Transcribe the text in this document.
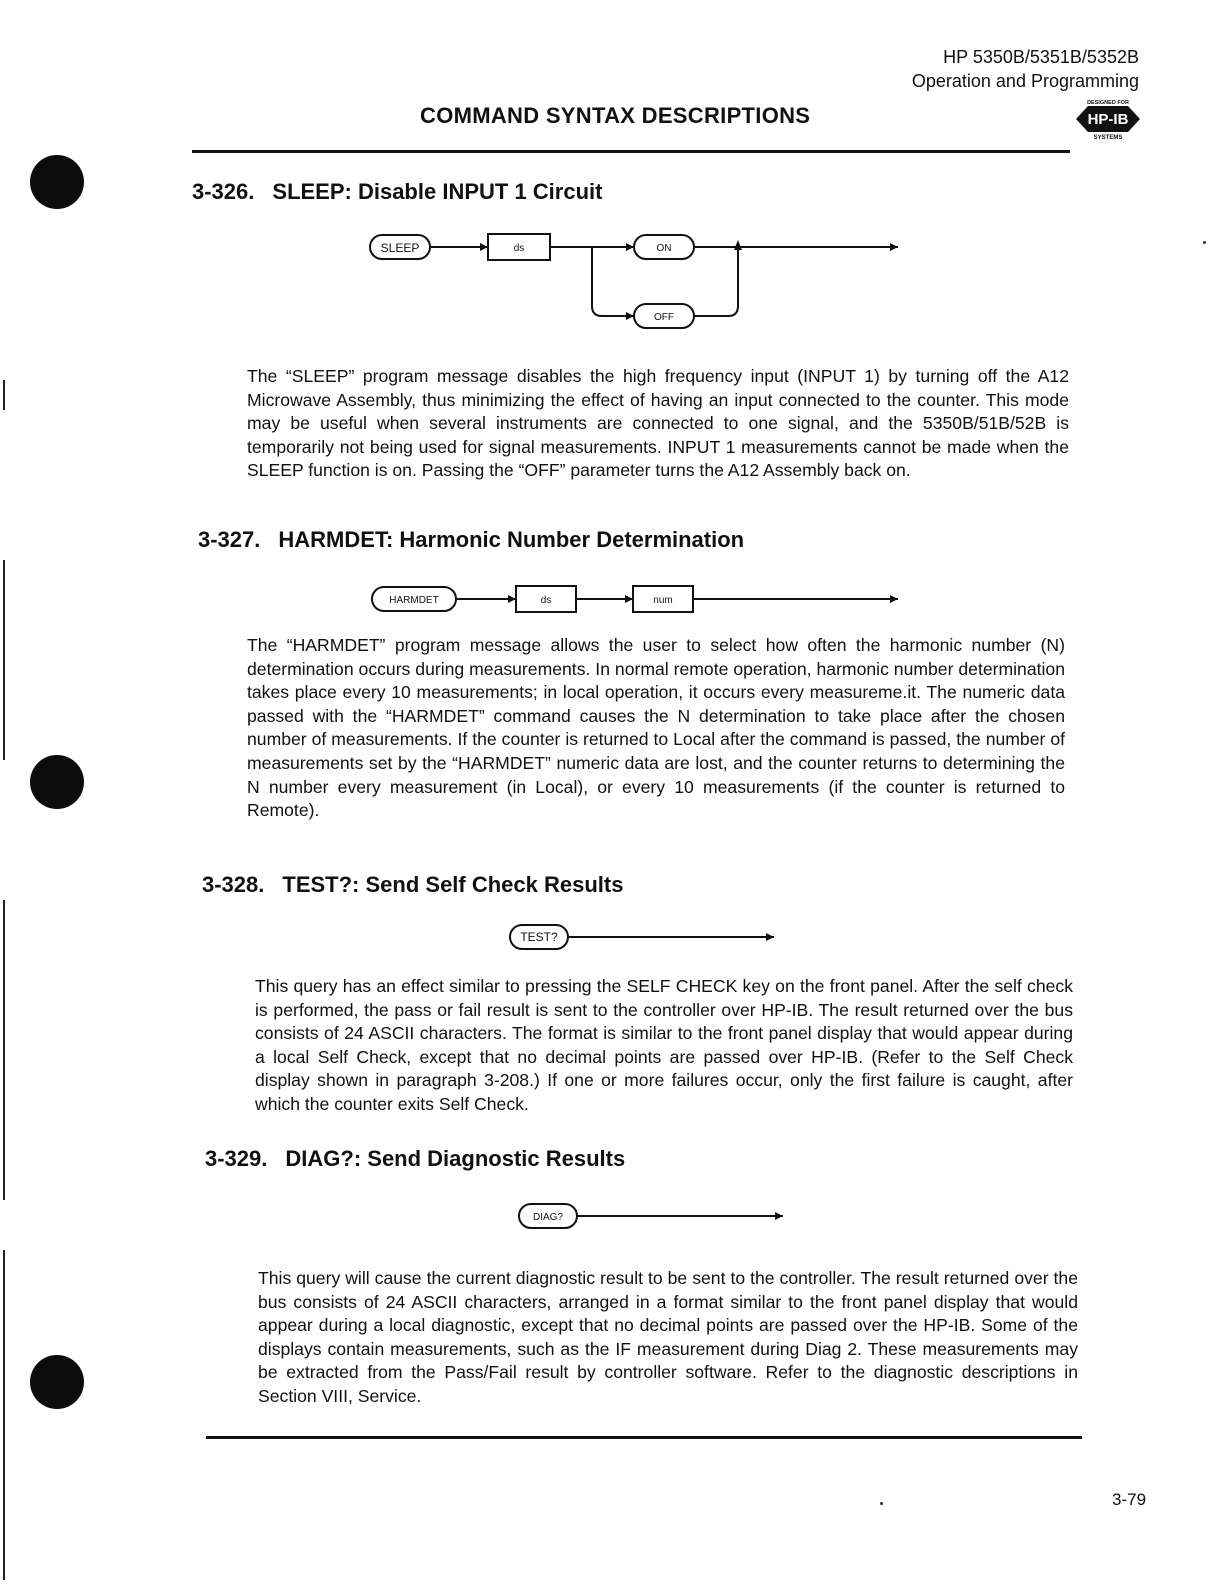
HP 5350B/5351B/5352B
Operation and Programming
COMMAND SYNTAX DESCRIPTIONS	DESIGNED FOR
HP-IB
SYSTEMS
3-326. SLEEP: Disable INPUT 1 Circuit
SLEEP	ds	ON
OFF

The “SLEEP” program message disables the high frequency input (INPUT 1) by turning off the A12 Microwave Assembly, thus minimizing the effect of having an input connected to the counter. This mode may be useful when several instruments are connected to one signal, and the 5350B/51B/52B is temporarily not being used for signal measurements. INPUT 1 measurements cannot be made when the SLEEP function is on. Passing the “OFF” parameter turns the A12 Assembly back on.

3-327. HARMDET: Harmonic Number Determination
HARMDET	ds	num

The “HARMDET” program message allows the user to select how often the harmonic number (N) determination occurs during measurements. In normal remote operation, harmonic number determination takes place every 10 measurements; in local operation, it occurs every measureme.it. The numeric data passed with the “HARMDET” command causes the N determination to take place after the chosen number of measurements. If the counter is returned to Local after the command is passed, the number of measurements set by the “HARMDET” numeric data are lost, and the counter returns to determining the N number every measurement (in Local), or every 10 measurements (if the counter is returned to Remote).

3-328. TEST?: Send Self Check Results
TEST?

This query has an effect similar to pressing the SELF CHECK key on the front panel. After the self check is performed, the pass or fail result is sent to the controller over HP-IB. The result returned over the bus consists of 24 ASCII characters. The format is similar to the front panel display that would appear during a local Self Check, except that no decimal points are passed over HP-IB. (Refer to the Self Check display shown in paragraph 3-208.) If one or more failures occur, only the first failure is caught, after which the counter exits Self Check.

3-329. DIAG?: Send Diagnostic Results
DIAG?

This query will cause the current diagnostic result to be sent to the controller. The result returned over the bus consists of 24 ASCII characters, arranged in a format similar to the front panel display that would appear during a local diagnostic, except that no decimal points are passed over the HP-IB. Some of the displays contain measurements, such as the IF measurement during Diag 2. These measurements may be extracted from the Pass/Fail result by controller software. Refer to the diagnostic descriptions in Section VIII, Service.

3-79
